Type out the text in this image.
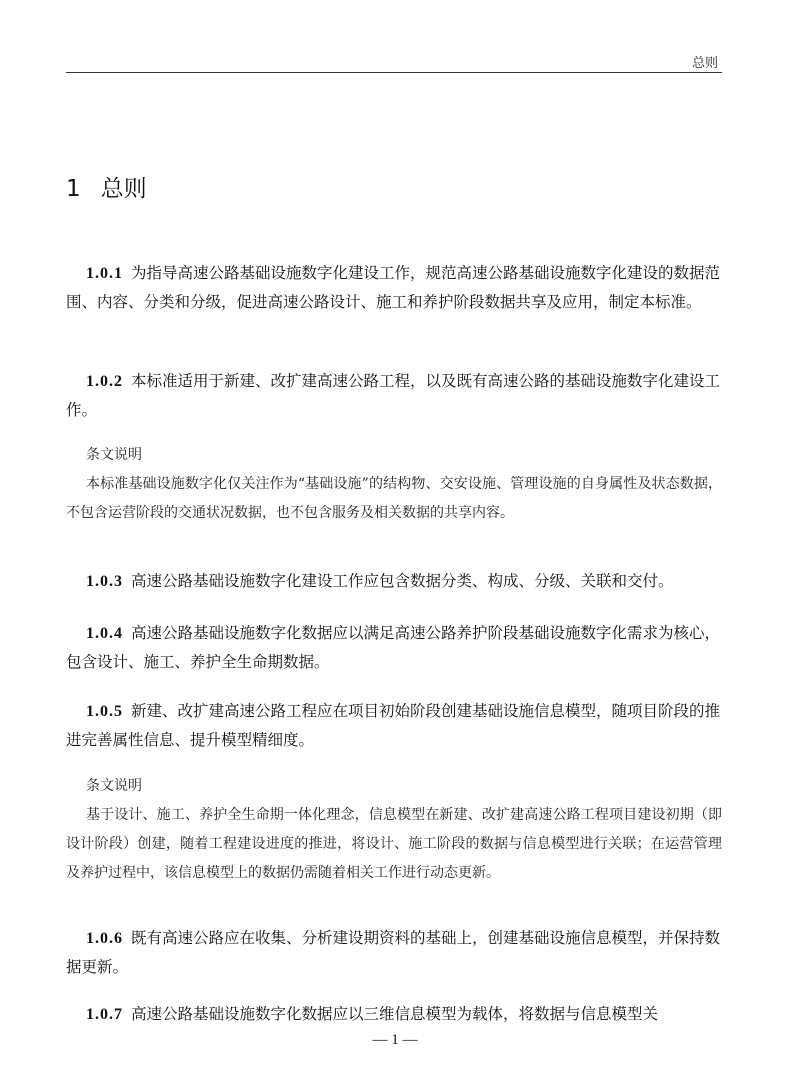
总则
1 总则
1.0.1 为指导高速公路基础设施数字化建设工作，规范高速公路基础设施数字化建设的数据范围、内容、分类和分级，促进高速公路设计、施工和养护阶段数据共享及应用，制定本标准。
1.0.2 本标准适用于新建、改扩建高速公路工程，以及既有高速公路的基础设施数字化建设工作。
条文说明
本标准基础设施数字化仅关注作为“基础设施”的结构物、交安设施、管理设施的自身属性及状态数据，不包含运营阶段的交通状况数据，也不包含服务及相关数据的共享内容。
1.0.3 高速公路基础设施数字化建设工作应包含数据分类、构成、分级、关联和交付。
1.0.4 高速公路基础设施数字化数据应以满足高速公路养护阶段基础设施数字化需求为核心，包含设计、施工、养护全生命期数据。
1.0.5 新建、改扩建高速公路工程应在项目初始阶段创建基础设施信息模型，随项目阶段的推进完善属性信息、提升模型精细度。
条文说明
基于设计、施工、养护全生命期一体化理念，信息模型在新建、改扩建高速公路工程项目建设初期（即设计阶段）创建，随着工程建设进度的推进，将设计、施工阶段的数据与信息模型进行关联；在运营管理及养护过程中，该信息模型上的数据仍需随着相关工作进行动态更新。
1.0.6 既有高速公路应在收集、分析建设期资料的基础上，创建基础设施信息模型，并保持数据更新。
1.0.7 高速公路基础设施数字化数据应以三维信息模型为载体，将数据与信息模型关
— 1 —
